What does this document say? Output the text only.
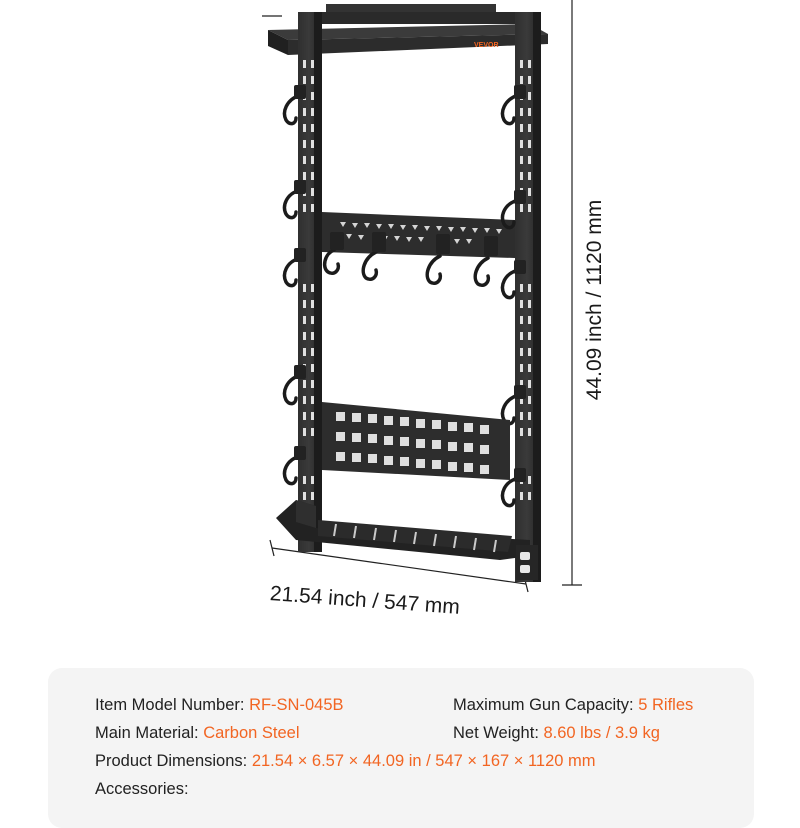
VEVOR
21.54 inch / 547 mm
44.09 inch / 1120 mm
Item Model Number: RF-SN-045B	Maximum Gun Capacity: 5 Rifles
Main Material: Carbon Steel	Net Weight: 8.60 lbs / 3.9 kg
Product Dimensions: 21.54 × 6.57 × 44.09 in / 547 × 167 × 1120 mm
Accessories:
